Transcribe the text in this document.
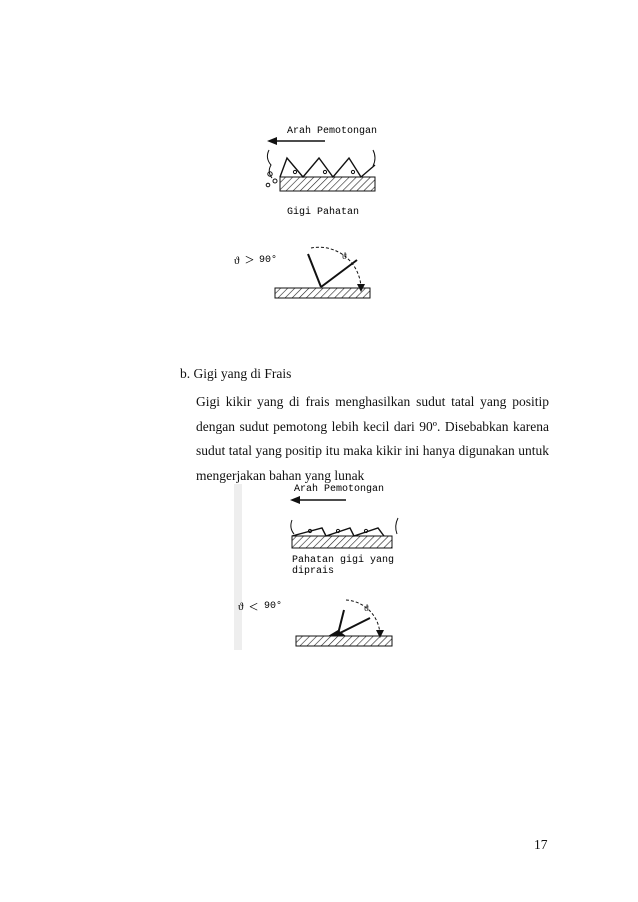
Arah Pemotongan
Gigi Pahatan
ϑ > 90°	ϑ
b. Gigi yang di Frais
Gigi kikir yang di frais menghasilkan sudut tatal yang positip dengan sudut pemotong lebih kecil dari 90º. Disebabkan karena sudut tatal yang positip itu maka kikir ini hanya digunakan untuk mengerjakan bahan yang lunak
Arah Pemotongan
Pahatan gigi yang
diprais
ϑ < 90°	ϑ
17
